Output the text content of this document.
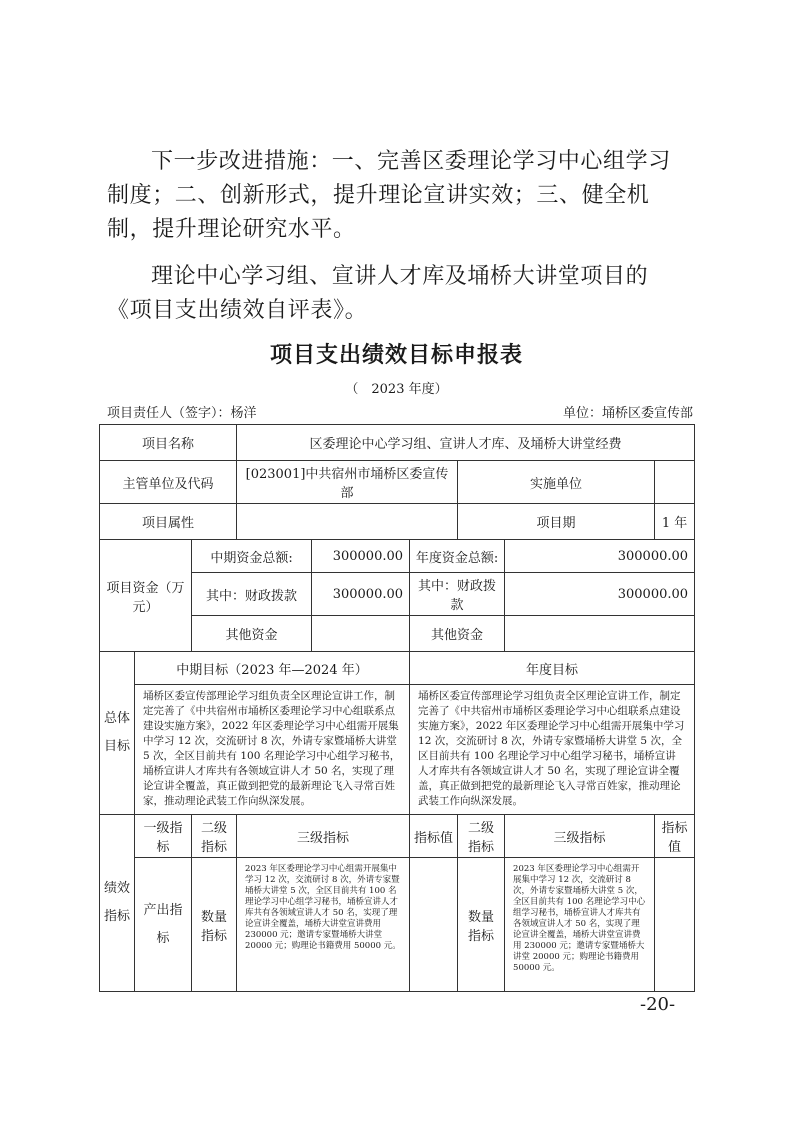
下一步改进措施：一、完善区委理论学习中心组学习制度；二、创新形式，提升理论宣讲实效；三、健全机制，提升理论研究水平。

理论中心学习组、宣讲人才库及埇桥大讲堂项目的《项目支出绩效自评表》。

项目支出绩效目标申报表
（　2023 年度）
项目责任人（签字）：杨洋	单位：埇桥区委宣传部
项目名称			区委理论中心学习组、宣讲人才库、及埇桥大讲堂经费					
主管单位及代码			[023001]中共宿州市埇桥区委宣传部			实施单位		
项目属性						项目期		1 年
项目资金（万元）		中期资金总额:		300000.00	年度资金总额:		300000.00	
		其中：财政拨款		300000.00	其中：财政拨款		300000.00	
		其他资金			其他资金			
总体目标	中期目标（2023 年—2024 年）				年度目标			
	埇桥区委宣传部理论学习组负责全区理论宣讲工作，制定完善了《中共宿州市埇桥区委理论学习中心组联系点建设实施方案》，2022 年区委理论学习中心组需开展集中学习 12 次，交流研讨 8 次，外请专家暨埇桥大讲堂 5 次，全区目前共有 100 名理论学习中心组学习秘书，埇桥宣讲人才库共有各领域宣讲人才 50 名，实现了理论宣讲全覆盖，真正做到把党的最新理论飞入寻常百姓家，推动理论武装工作向纵深发展。				埇桥区委宣传部理论学习组负责全区理论宣讲工作，制定完善了《中共宿州市埇桥区委理论学习中心组联系点建设实施方案》，2022 年区委理论学习中心组需开展集中学习 12 次，交流研讨 8 次，外请专家暨埇桥大讲堂 5 次，全区目前共有 100 名理论学习中心组学习秘书，埇桥宣讲人才库共有各领域宣讲人才 50 名，实现了理论宣讲全覆盖，真正做到把党的最新理论飞入寻常百姓家，推动理论武装工作向纵深发展。			
绩效指标	一级指标	二级指标	三级指标		指标值	二级指标	三级指标	指标值
	产出指标	数量指标	2023 年区委理论学习中心组需开展集中学习 12 次，交流研讨 8 次，外请专家暨埇桥大讲堂 5 次，全区目前共有 100 名理论学习中心组学习秘书，埇桥宣讲人才库共有各领域宣讲人才 50 名，实现了理论宣讲全覆盖，埇桥大讲堂宣讲费用 230000 元；邀请专家暨埇桥大讲堂 20000 元；购理论书籍费用 50000 元。			数量指标	2023 年区委理论学习中心组需开展集中学习 12 次，交流研讨 8 次，外请专家暨埇桥大讲堂 5 次，全区目前共有 100 名理论学习中心组学习秘书，埇桥宣讲人才库共有各领域宣讲人才 50 名，实现了理论宣讲全覆盖，埇桥大讲堂宣讲费用 230000 元；邀请专家暨埇桥大讲堂 20000 元；购理论书籍费用 50000 元。	
-20-
